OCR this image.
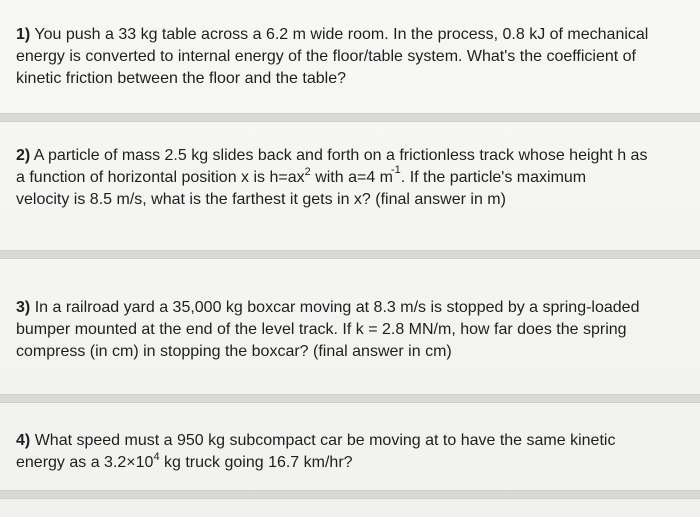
1) You push a 33 kg table across a 6.2 m wide room. In the process, 0.8 kJ of mechanical
energy is converted to internal energy of the floor/table system. What's the coefficient of
kinetic friction between the floor and the table?
2) A particle of mass 2.5 kg slides back and forth on a frictionless track whose height h as
a function of horizontal position x is $h=ax^2$ with a=4 $m^{-1}$. If the particle's maximum
velocity is 8.5 m/s, what is the farthest it gets in x? (final answer in m)
3) In a railroad yard a 35,000 kg boxcar moving at 8.3 m/s is stopped by a spring-loaded
bumper mounted at the end of the level track. If k = 2.8 MN/m, how far does the spring
compress (in cm) in stopping the boxcar? (final answer in cm)
4) What speed must a 950 kg subcompact car be moving at to have the same kinetic
energy as a $3.2\times 10^4$ kg truck going 16.7 km/hr?
